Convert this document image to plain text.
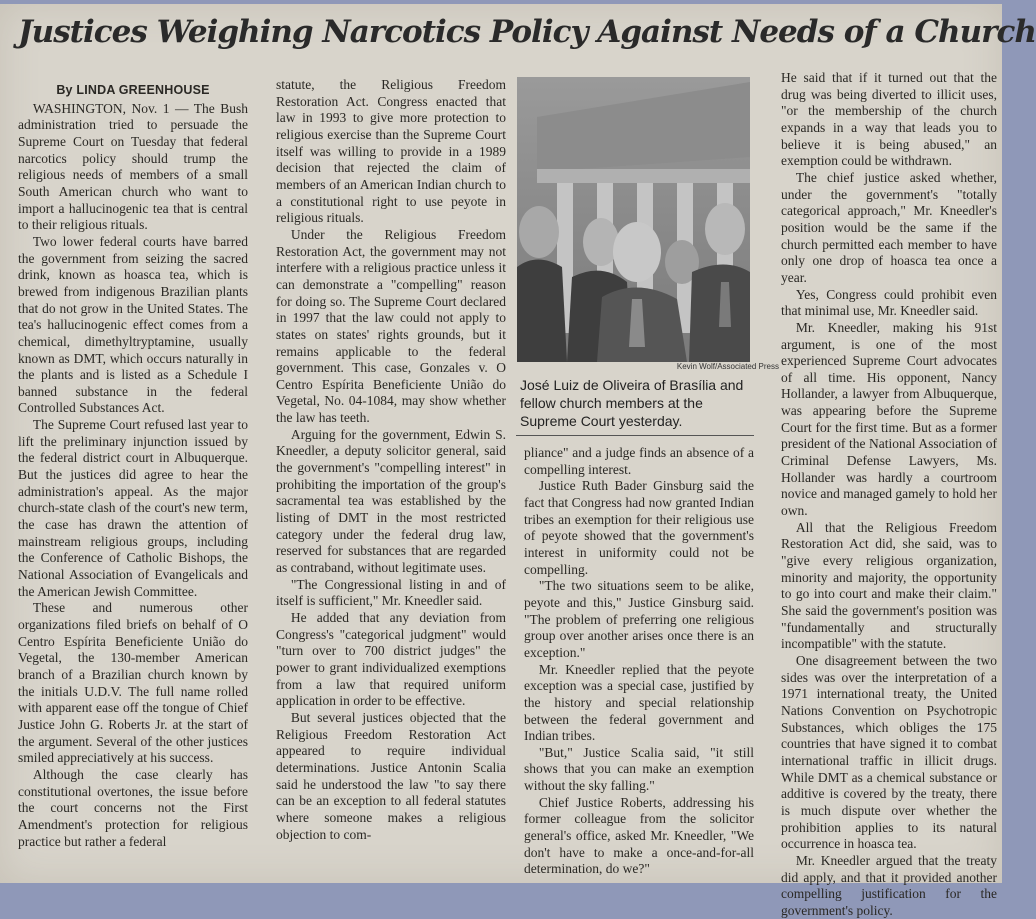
Justices Weighing Narcotics Policy Against Needs of a Church
By LINDA GREENHOUSE

WASHINGTON, Nov. 1 — The Bush administration tried to persuade the Supreme Court on Tuesday that federal narcotics policy should trump the religious needs of members of a small South American church who want to import a hallucinogenic tea that is central to their religious rituals.

Two lower federal courts have barred the government from seizing the sacred drink, known as hoasca tea, which is brewed from indigenous Brazilian plants that do not grow in the United States. The tea's hallucinogenic effect comes from a chemical, dimethyltryptamine, usually known as DMT, which occurs naturally in the plants and is listed as a Schedule I banned substance in the federal Controlled Substances Act.

The Supreme Court refused last year to lift the preliminary injunction issued by the federal district court in Albuquerque. But the justices did agree to hear the administration's appeal. As the major church-state clash of the court's new term, the case has drawn the attention of mainstream religious groups, including the Conference of Catholic Bishops, the National Association of Evangelicals and the American Jewish Committee.

These and numerous other organizations filed briefs on behalf of O Centro Espírita Beneficiente União do Vegetal, the 130-member American branch of a Brazilian church known by the initials U.D.V. The full name rolled with apparent ease off the tongue of Chief Justice John G. Roberts Jr. at the start of the argument. Several of the other justices smiled appreciatively at his success.

Although the case clearly has constitutional overtones, the issue before the court concerns not the First Amendment's protection for religious practice but rather a federal

statute, the Religious Freedom Restoration Act. Congress enacted that law in 1993 to give more protection to religious exercise than the Supreme Court itself was willing to provide in a 1989 decision that rejected the claim of members of an American Indian church to a constitutional right to use peyote in religious rituals.

Under the Religious Freedom Restoration Act, the government may not interfere with a religious practice unless it can demonstrate a "compelling" reason for doing so. The Supreme Court declared in 1997 that the law could not apply to states on states' rights grounds, but it remains applicable to the federal government. This case, Gonzales v. O Centro Espírita Beneficiente União do Vegetal, No. 04-1084, may show whether the law has teeth.

Arguing for the government, Edwin S. Kneedler, a deputy solicitor general, said the government's "compelling interest" in prohibiting the importation of the group's sacramental tea was established by the listing of DMT in the most restricted category under the federal drug law, reserved for substances that are regarded as contraband, without legitimate uses.

"The Congressional listing in and of itself is sufficient," Mr. Kneedler said.

He added that any deviation from Congress's "categorical judgment" would "turn over to 700 district judges" the power to grant individualized exemptions from a law that required uniform application in order to be effective.

But several justices objected that the Religious Freedom Restoration Act appeared to require individual determinations. Justice Antonin Scalia said he understood the law "to say there can be an exception to all federal statutes where someone makes a religious objection to com-

Kevin Wolf/Associated Press
José Luiz de Oliveira of Brasília and fellow church members at the Supreme Court yesterday.

pliance" and a judge finds an absence of a compelling interest.

Justice Ruth Bader Ginsburg said the fact that Congress had now granted Indian tribes an exemption for their religious use of peyote showed that the government's interest in uniformity could not be compelling.

"The two situations seem to be alike, peyote and this," Justice Ginsburg said. "The problem of preferring one religious group over another arises once there is an exception."

Mr. Kneedler replied that the peyote exception was a special case, justified by the history and special relationship between the federal government and Indian tribes.

"But," Justice Scalia said, "it still shows that you can make an exemption without the sky falling."

Chief Justice Roberts, addressing his former colleague from the solicitor general's office, asked Mr. Kneedler, "We don't have to make a once-and-for-all determination, do we?"

He said that if it turned out that the drug was being diverted to illicit uses, "or the membership of the church expands in a way that leads you to believe it is being abused," an exemption could be withdrawn.

The chief justice asked whether, under the government's "totally categorical approach," Mr. Kneedler's position would be the same if the church permitted each member to have only one drop of hoasca tea once a year.

Yes, Congress could prohibit even that minimal use, Mr. Kneedler said.

Mr. Kneedler, making his 91st argument, is one of the most experienced Supreme Court advocates of all time. His opponent, Nancy Hollander, a lawyer from Albuquerque, was appearing before the Supreme Court for the first time. But as a former president of the National Association of Criminal Defense Lawyers, Ms. Hollander was hardly a courtroom novice and managed gamely to hold her own.

All that the Religious Freedom Restoration Act did, she said, was to "give every religious organization, minority and majority, the opportunity to go into court and make their claim." She said the government's position was "fundamentally and structurally incompatible" with the statute.

One disagreement between the two sides was over the interpretation of a 1971 international treaty, the United Nations Convention on Psychotropic Substances, which obliges the 175 countries that have signed it to combat international traffic in illicit drugs. While DMT as a chemical substance or additive is covered by the treaty, there is much dispute over whether the prohibition applies to its natural occurrence in hoasca tea.

Mr. Kneedler argued that the treaty did apply, and that it provided another compelling justification for the government's policy.
